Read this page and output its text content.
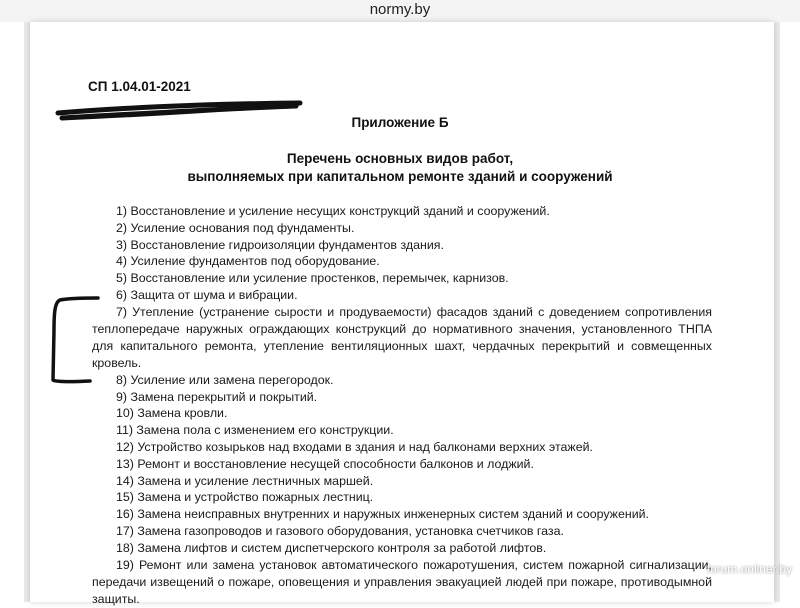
normy.by
СП 1.04.01-2021
Приложение Б
Перечень основных видов работ,
выполняемых при капитальном ремонте зданий и сооружений

1) Восстановление и усиление несущих конструкций зданий и сооружений.

2) Усиление основания под фундаменты.

3) Восстановление гидроизоляции фундаментов здания.

4) Усиление фундаментов под оборудование.

5) Восстановление или усиление простенков, перемычек, карнизов.

6) Защита от шума и вибрации.

7) Утепление (устранение сырости и продуваемости) фасадов зданий с доведением сопротивления теплопередаче наружных ограждающих конструкций до нормативного значения, установленного ТНПА для капитального ремонта, утепление вентиляционных шахт, чердачных перекрытий и совмещенных кровель.

8) Усиление или замена перегородок.

9) Замена перекрытий и покрытий.

10) Замена кровли.

11) Замена пола с изменением его конструкции.

12) Устройство козырьков над входами в здания и над балконами верхних этажей.

13) Ремонт и восстановление несущей способности балконов и лоджий.

14) Замена и усиление лестничных маршей.

15) Замена и устройство пожарных лестниц.

16) Замена неисправных внутренних и наружных инженерных систем зданий и сооружений.

17) Замена газопроводов и газового оборудования, установка счетчиков газа.

18) Замена лифтов и систем диспетчерского контроля за работой лифтов.

19) Ремонт или замена установок автоматического пожаротушения, систем пожарной сигнализации, передачи извещений о пожаре, оповещения и управления эвакуацией людей при пожаре, противодымной защиты.

forum.onliner.by
